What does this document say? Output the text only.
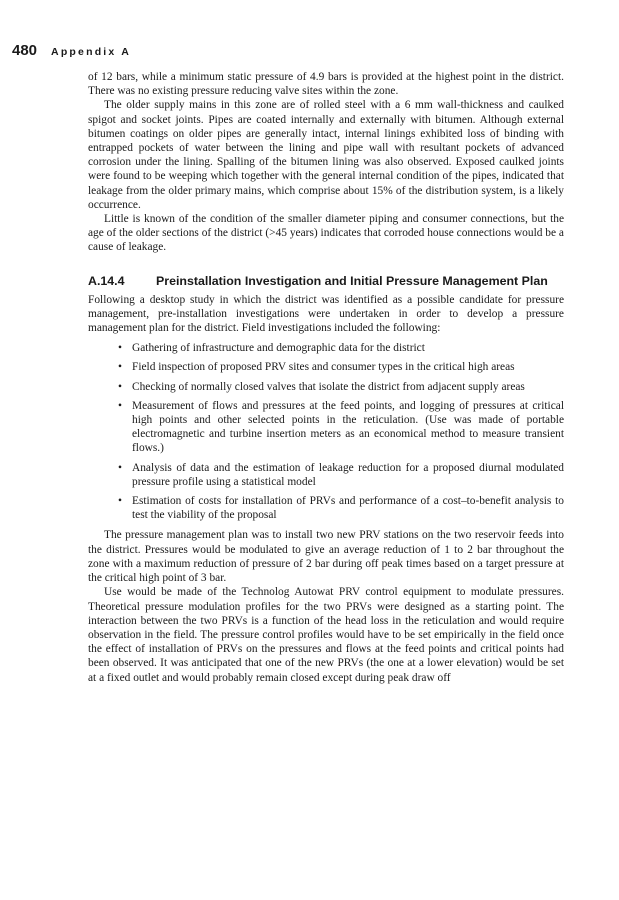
480 Appendix A

of 12 bars, while a minimum static pressure of 4.9 bars is provided at the highest point in the district. There was no existing pressure reducing valve sites within the zone.

The older supply mains in this zone are of rolled steel with a 6 mm wall-thickness and caulked spigot and socket joints. Pipes are coated internally and externally with bitumen. Although external bitumen coatings on older pipes are generally intact, internal linings exhibited loss of binding with entrapped pockets of water between the lining and pipe wall with resultant pockets of advanced corrosion under the lining. Spalling of the bitumen lining was also observed. Exposed caulked joints were found to be weeping which together with the general internal condition of the pipes, indicated that leakage from the older primary mains, which comprise about 15% of the distribution system, is a likely occurrence.

Little is known of the condition of the smaller diameter piping and consumer connections, but the age of the older sections of the district (>45 years) indicates that corroded house connections would be a cause of leakage.

A.14.4	Preinstallation Investigation and Initial Pressure Management Plan

Following a desktop study in which the district was identified as a possible candidate for pressure management, pre-installation investigations were undertaken in order to develop a pressure management plan for the district. Field investigations included the following:

• Gathering of infrastructure and demographic data for the district
• Field inspection of proposed PRV sites and consumer types in the critical high areas
• Checking of normally closed valves that isolate the district from adjacent supply areas
• Measurement of flows and pressures at the feed points, and logging of pressures at critical high points and other selected points in the reticulation. (Use was made of portable electromagnetic and turbine insertion meters as an economical method to measure transient flows.)
• Analysis of data and the estimation of leakage reduction for a proposed diurnal modulated pressure profile using a statistical model
• Estimation of costs for installation of PRVs and performance of a cost–to-benefit analysis to test the viability of the proposal

The pressure management plan was to install two new PRV stations on the two reservoir feeds into the district. Pressures would be modulated to give an average reduction of 1 to 2 bar throughout the zone with a maximum reduction of pressure of 2 bar during off peak times based on a target pressure at the critical high point of 3 bar.

Use would be made of the Technolog Autowat PRV control equipment to modulate pressures. Theoretical pressure modulation profiles for the two PRVs were designed as a starting point. The interaction between the two PRVs is a function of the head loss in the reticulation and would require observation in the field. The pressure control profiles would have to be set empirically in the field once the effect of installation of PRVs on the pressures and flows at the feed points and critical points had been observed. It was anticipated that one of the new PRVs (the one at a lower elevation) would be set at a fixed outlet and would probably remain closed except during peak draw off
